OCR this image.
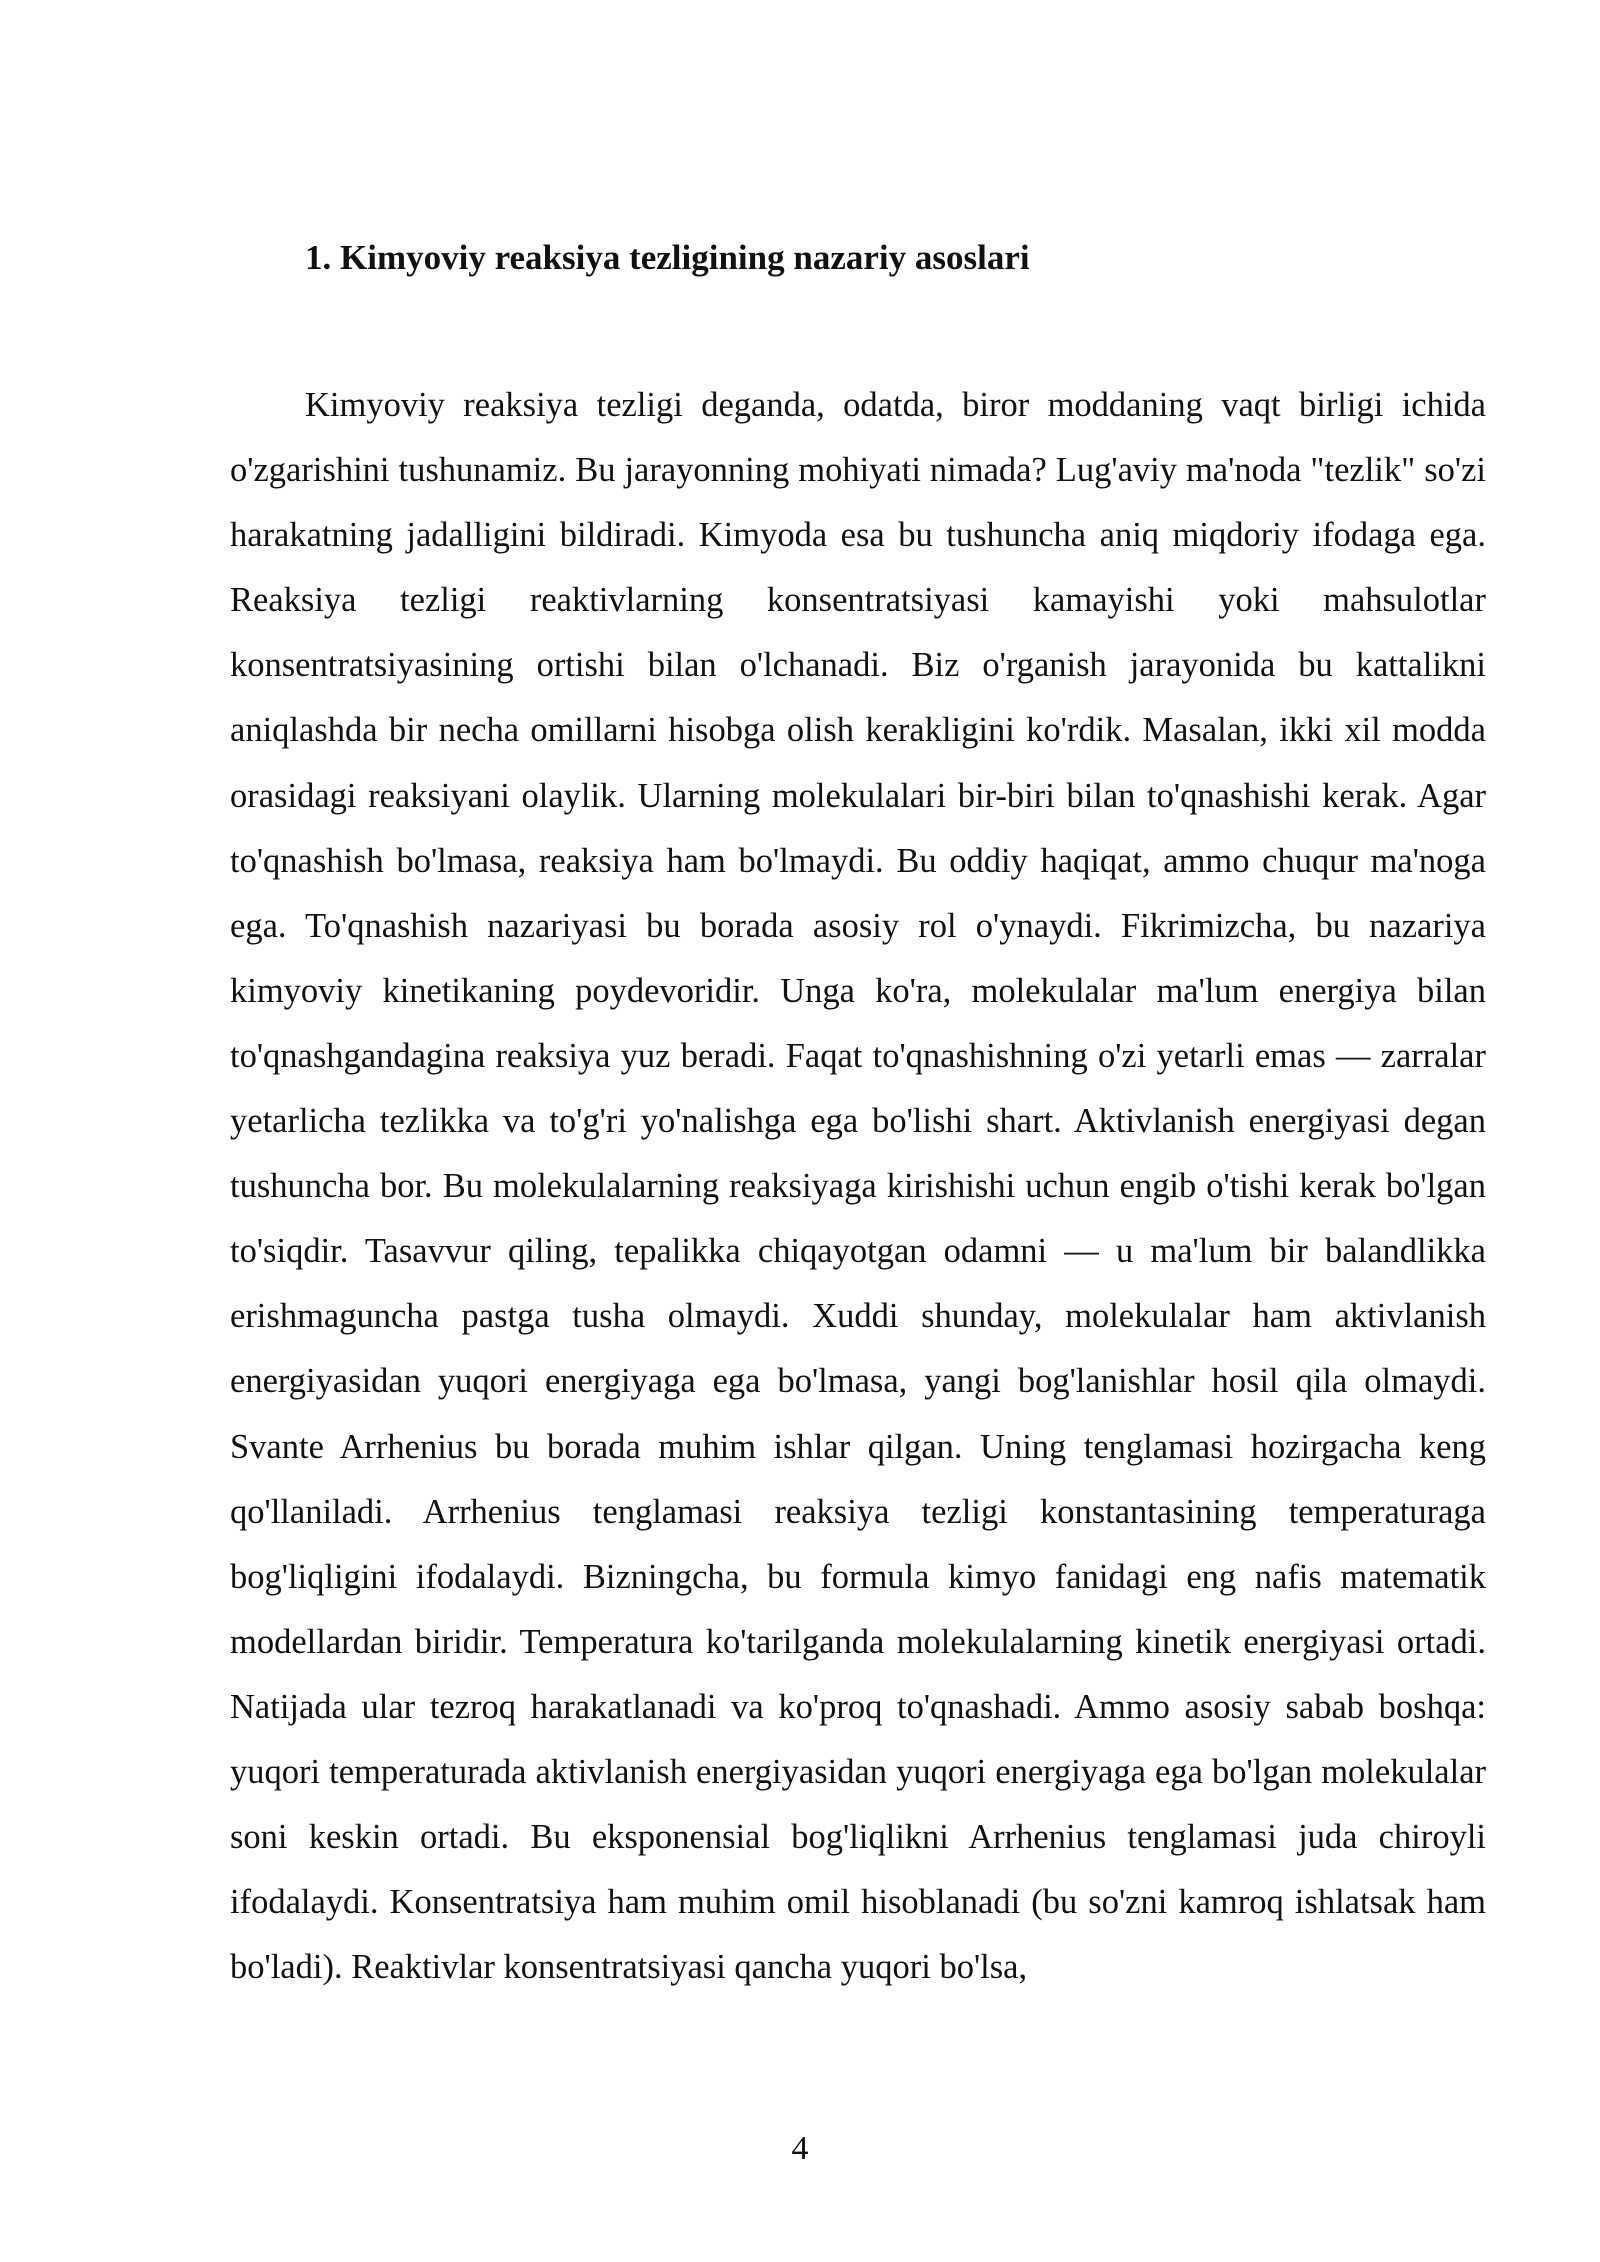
1. Kimyoviy reaksiya tezligining nazariy asoslari

Kimyoviy reaksiya tezligi deganda, odatda, biror moddaning vaqt birligi ichida o'zgarishini tushunamiz. Bu jarayonning mohiyati nimada? Lug'aviy ma'noda "tezlik" so'zi harakatning jadalligini bildiradi. Kimyoda esa bu tushuncha aniq miqdoriy ifodaga ega. Reaksiya tezligi reaktivlarning konsentratsiyasi kamayishi yoki mahsulotlar konsentratsiyasining ortishi bilan o'lchanadi. Biz o'rganish jarayonida bu kattalikni aniqlashda bir necha omillarni hisobga olish kerakligini ko'rdik. Masalan, ikki xil modda orasidagi reaksiyani olaylik. Ularning molekulalari bir-biri bilan to'qnashishi kerak. Agar to'qnashish bo'lmasa, reaksiya ham bo'lmaydi. Bu oddiy haqiqat, ammo chuqur ma'noga ega. To'qnashish nazariyasi bu borada asosiy rol o'ynaydi. Fikrimizcha, bu nazariya kimyoviy kinetikaning poydevoridir. Unga ko'ra, molekulalar ma'lum energiya bilan to'qnashgandagina reaksiya yuz beradi. Faqat to'qnashishning o'zi yetarli emas — zarralar yetarlicha tezlikka va to'g'ri yo'nalishga ega bo'lishi shart. Aktivlanish energiyasi degan tushuncha bor. Bu molekulalarning reaksiyaga kirishishi uchun engib o'tishi kerak bo'lgan to'siqdir. Tasavvur qiling, tepalikka chiqayotgan odamni — u ma'lum bir balandlikka erishmaguncha pastga tusha olmaydi. Xuddi shunday, molekulalar ham aktivlanish energiyasidan yuqori energiyaga ega bo'lmasa, yangi bog'lanishlar hosil qila olmaydi. Svante Arrhenius bu borada muhim ishlar qilgan. Uning tenglamasi hozirgacha keng qo'llaniladi. Arrhenius tenglamasi reaksiya tezligi konstantasining temperaturaga bog'liqligini ifodalaydi. Bizningcha, bu formula kimyo fanidagi eng nafis matematik modellardan biridir. Temperatura ko'tarilganda molekulalarning kinetik energiyasi ortadi. Natijada ular tezroq harakatlanadi va ko'proq to'qnashadi. Ammo asosiy sabab boshqa: yuqori temperaturada aktivlanish energiyasidan yuqori energiyaga ega bo'lgan molekulalar soni keskin ortadi. Bu eksponensial bog'liqlikni Arrhenius tenglamasi juda chiroyli ifodalaydi. Konsentratsiya ham muhim omil hisoblanadi (bu so'zni kamroq ishlatsak ham bo'ladi). Reaktivlar konsentratsiyasi qancha yuqori bo'lsa,

4
